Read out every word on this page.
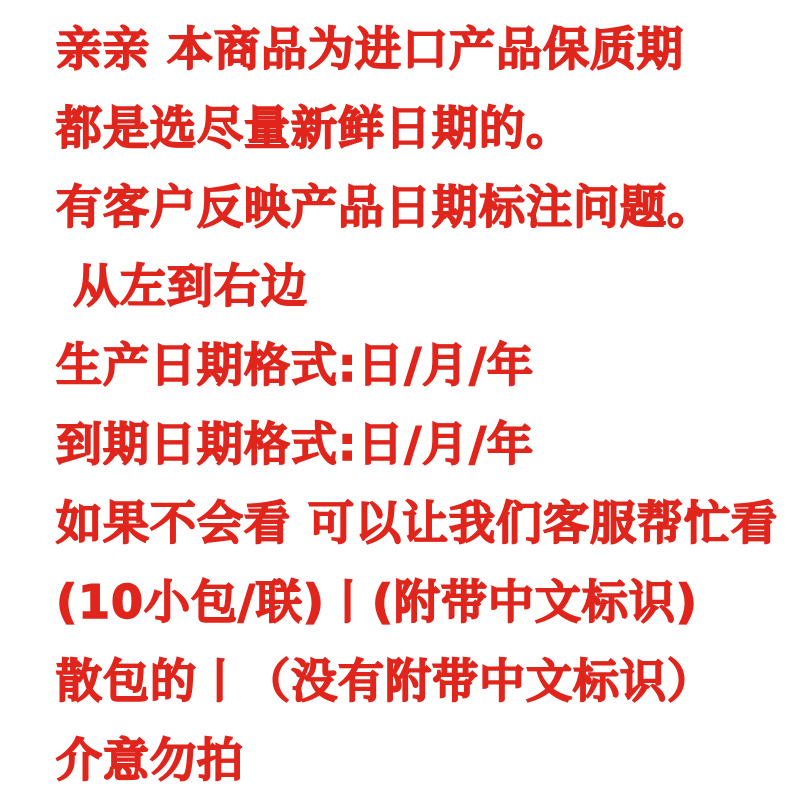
亲亲 本商品为进口产品保质期
都是选尽量新鲜日期的。
有客户反映产品日期标注问题。
从左到右边
生产日期格式:日/月/年
到期日期格式:日/月/年
如果不会看 可以让我们客服帮忙看
(10小包/联)丨(附带中文标识)
散包的丨（没有附带中文标识）
介意勿拍
